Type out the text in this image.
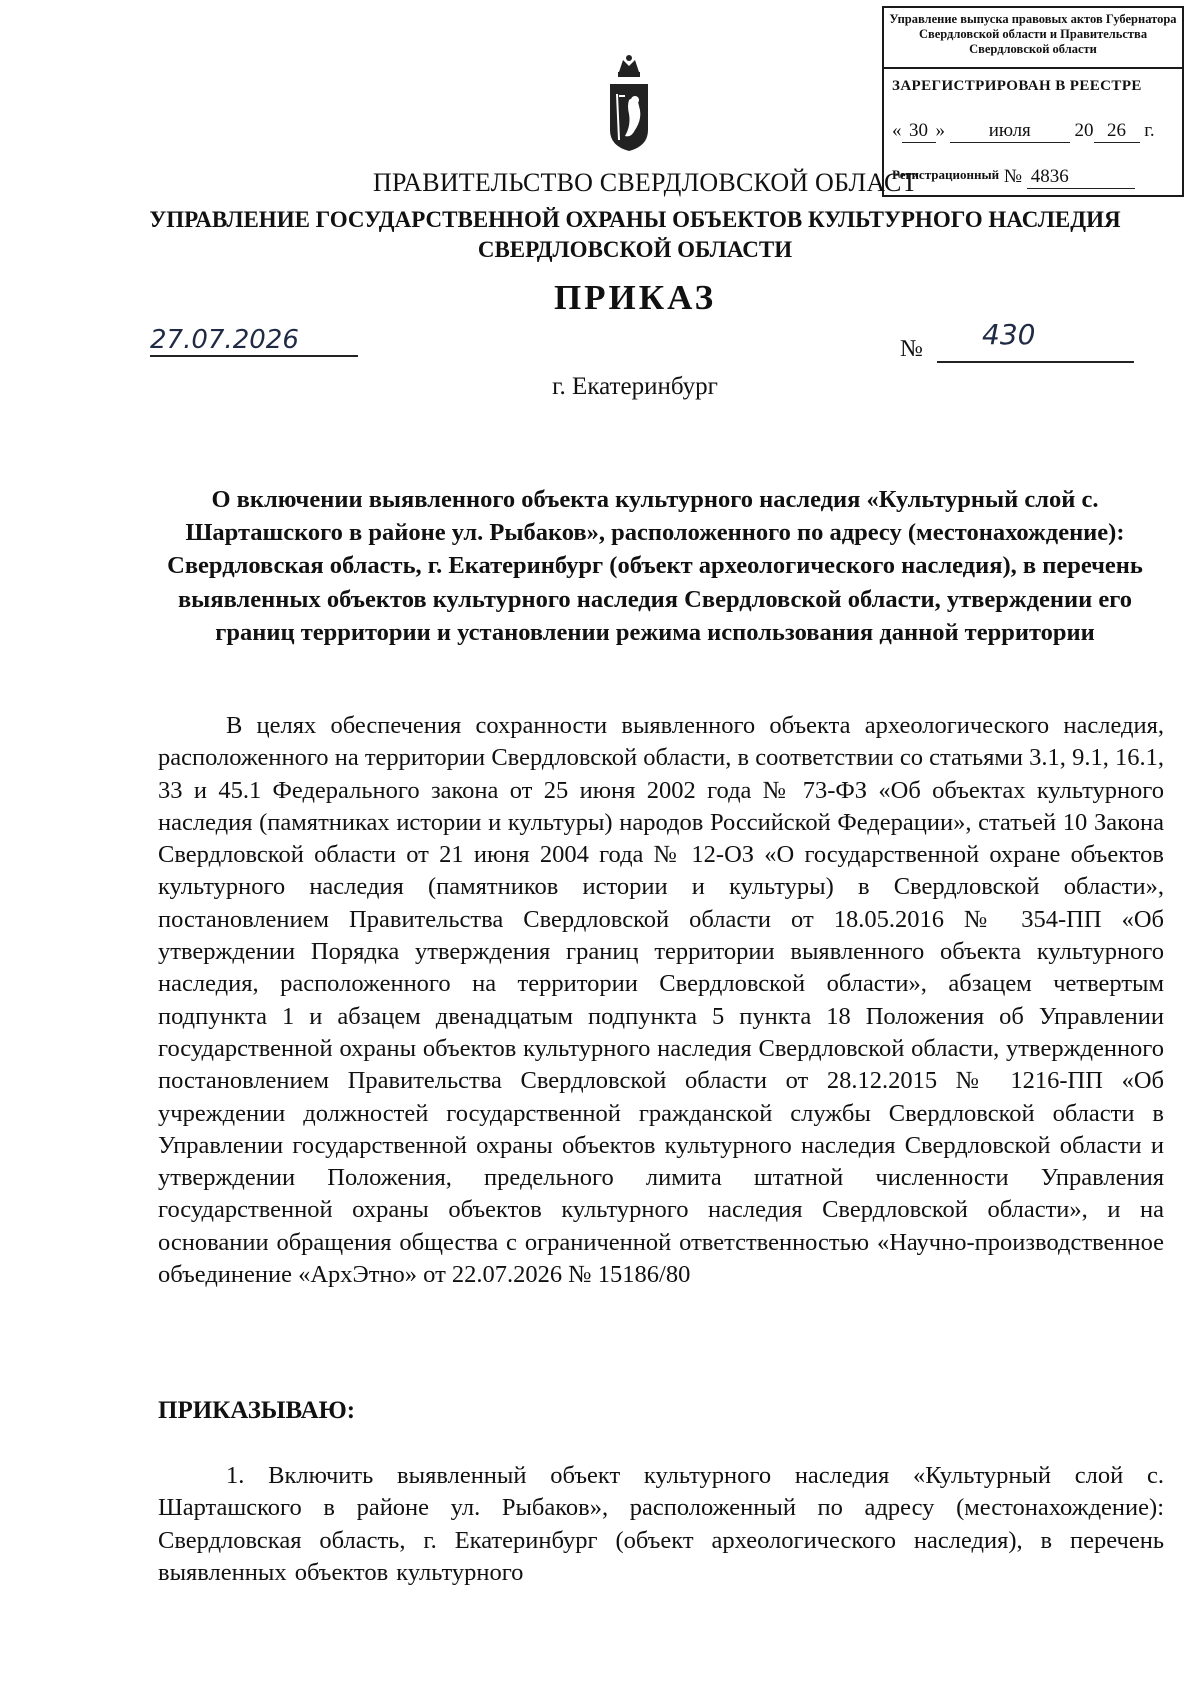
Управление выпуска правовых актов Губернатора Свердловской области и Правительства Свердловской области
ЗАРЕГИСТРИРОВАН В РЕЕСТРЕ
« 30 » июля 20 26 г.
Регистрационный № 4836
ПРАВИТЕЛЬСТВО СВЕРДЛОВСКОЙ ОБЛАСТ
УПРАВЛЕНИЕ ГОСУДАРСТВЕННОЙ ОХРАНЫ ОБЪЕКТОВ КУЛЬТУРНОГО НАСЛЕДИЯ
СВЕРДЛОВСКОЙ ОБЛАСТИ
ПРИКАЗ
27.07.2026	№ 430
г. Екатеринбург
О включении выявленного объекта культурного наследия «Культурный слой с. Шарташского в районе ул. Рыбаков», расположенного по адресу (местонахождение): Свердловская область, г. Екатеринбург (объект археологического наследия), в перечень выявленных объектов культурного наследия Свердловской области, утверждении его границ территории и установлении режима использования данной территории
В целях обеспечения сохранности выявленного объекта археологического наследия, расположенного на территории Свердловской области, в соответствии со статьями 3.1, 9.1, 16.1, 33 и 45.1 Федерального закона от 25 июня 2002 года № 73-ФЗ «Об объектах культурного наследия (памятниках истории и культуры) народов Российской Федерации», статьей 10 Закона Свердловской области от 21 июня 2004 года № 12-ОЗ «О государственной охране объектов культурного наследия (памятников истории и культуры) в Свердловской области», постановлением Правительства Свердловской области от 18.05.2016 № 354-ПП «Об утверждении Порядка утверждения границ территории выявленного объекта культурного наследия, расположенного на территории Свердловской области», абзацем четвертым подпункта 1 и абзацем двенадцатым подпункта 5 пункта 18 Положения об Управлении государственной охраны объектов культурного наследия Свердловской области, утвержденного постановлением Правительства Свердловской области от 28.12.2015 № 1216-ПП «Об учреждении должностей государственной гражданской службы Свердловской области в Управлении государственной охраны объектов культурного наследия Свердловской области и утверждении Положения, предельного лимита штатной численности Управления государственной охраны объектов культурного наследия Свердловской области», и на основании обращения общества с ограниченной ответственностью «Научно-производственное объединение «АрхЭтно» от 22.07.2026 № 15186/80
ПРИКАЗЫВАЮ:
1. Включить выявленный объект культурного наследия «Культурный слой с. Шарташского в районе ул. Рыбаков», расположенный по адресу (местонахождение): Свердловская область, г. Екатеринбург (объект археологического наследия), в перечень выявленных объектов культурного
